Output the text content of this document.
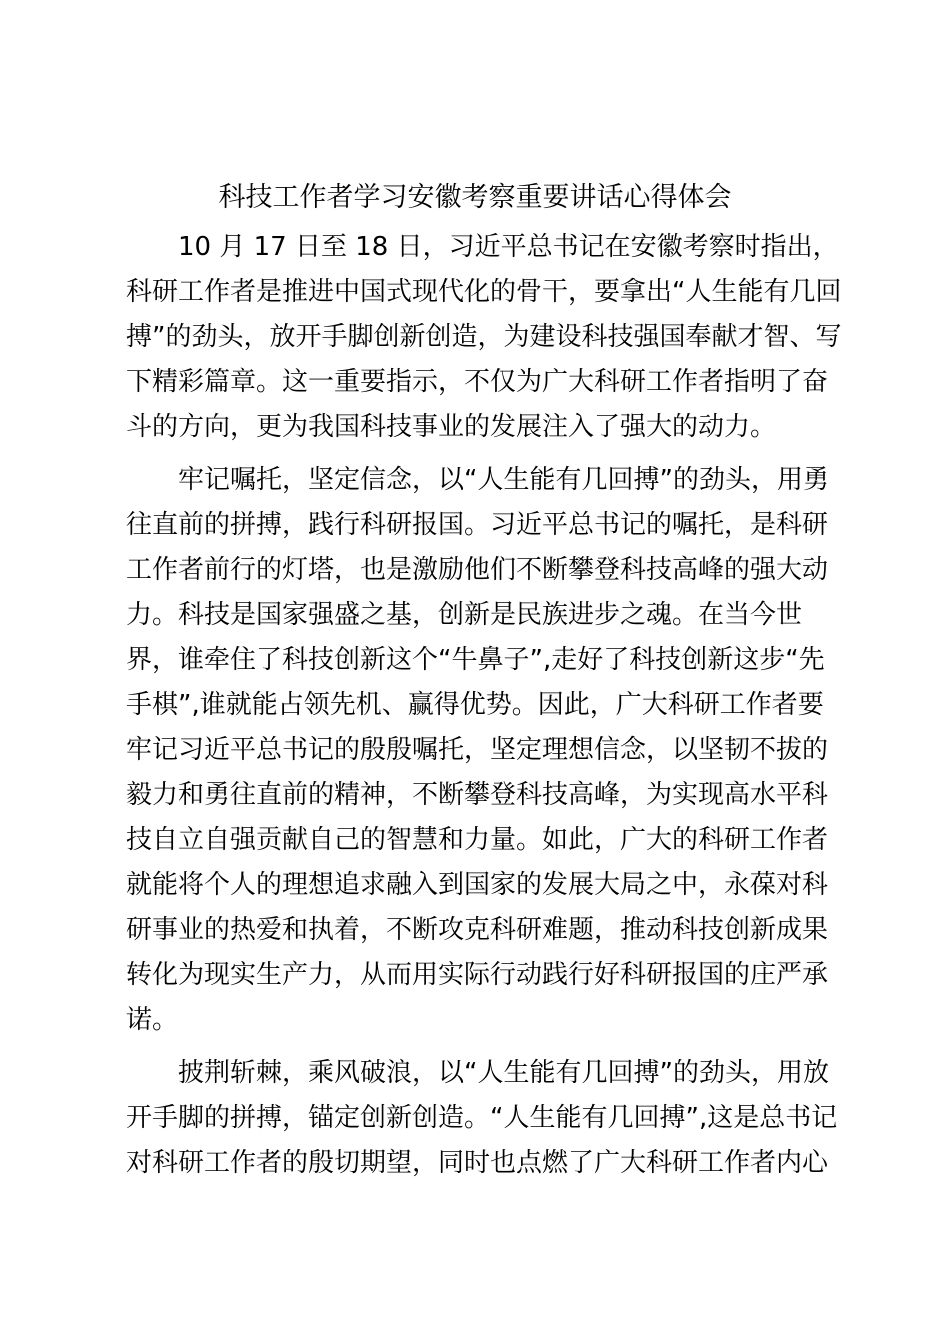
科技工作者学习安徽考察重要讲话心得体会
10 月 17 日至 18 日，习近平总书记在安徽考察时指出，
科研工作者是推进中国式现代化的骨干，要拿出“人生能有几回
搏”的劲头，放开手脚创新创造，为建设科技强国奉献才智、写
下精彩篇章。这一重要指示，不仅为广大科研工作者指明了奋
斗的方向，更为我国科技事业的发展注入了强大的动力。
牢记嘱托，坚定信念，以“人生能有几回搏”的劲头，用勇
往直前的拼搏，践行科研报国。习近平总书记的嘱托，是科研
工作者前行的灯塔，也是激励他们不断攀登科技高峰的强大动
力。科技是国家强盛之基，创新是民族进步之魂。在当今世
界，谁牵住了科技创新这个“牛鼻子”,走好了科技创新这步“先
手棋”,谁就能占领先机、赢得优势。因此，广大科研工作者要
牢记习近平总书记的殷殷嘱托，坚定理想信念，以坚韧不拔的
毅力和勇往直前的精神，不断攀登科技高峰，为实现高水平科
技自立自强贡献自己的智慧和力量。如此，广大的科研工作者
就能将个人的理想追求融入到国家的发展大局之中，永葆对科
研事业的热爱和执着，不断攻克科研难题，推动科技创新成果
转化为现实生产力，从而用实际行动践行好科研报国的庄严承
诺。
披荆斩棘，乘风破浪，以“人生能有几回搏”的劲头，用放
开手脚的拼搏，锚定创新创造。“人生能有几回搏”,这是总书记
对科研工作者的殷切期望，同时也点燃了广大科研工作者内心
